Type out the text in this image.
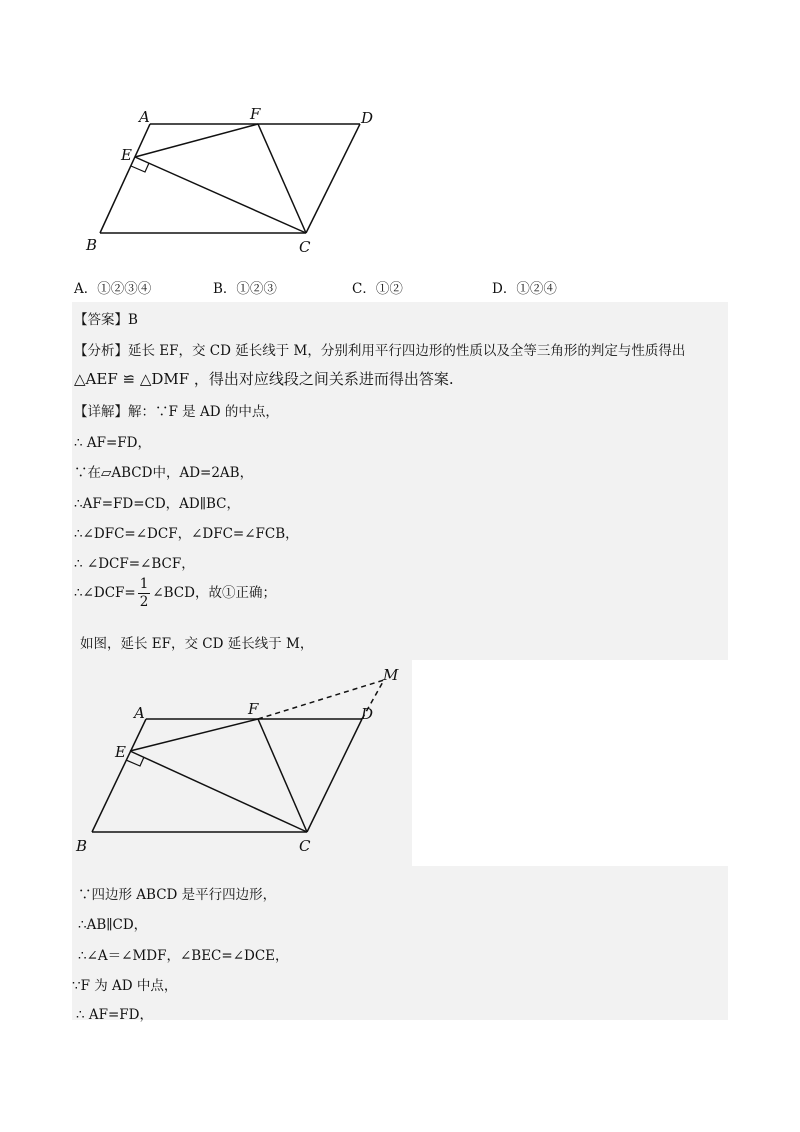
A	F	D
E
B	C
A．①②③④	B．①②③	C．①②	D．①②④
【答案】B
【分析】延长 EF，交 CD 延长线于 M，分别利用平行四边形的性质以及全等三角形的判定与性质得出
△AEF ≌ △DMF ，得出对应线段之间关系进而得出答案.
【详解】解：∵F 是 AD 的中点，
∴ AF=FD，
∵在▱ABCD中，AD=2AB，
∴AF=FD=CD，AD∥BC，
∴∠DFC=∠DCF，∠DFC=∠FCB，
∴ ∠DCF=∠BCF，
∴∠DCF= $\frac{1}{2}$ ∠BCD，故①正确；
如图，延长 EF，交 CD 延长线于 M，
A	F	D
M
E
B	C
∵四边形 ABCD 是平行四边形，
∴AB∥CD，
∴∠A＝∠MDF，∠BEC=∠DCE，
∵F 为 AD 中点，
∴ AF=FD，
